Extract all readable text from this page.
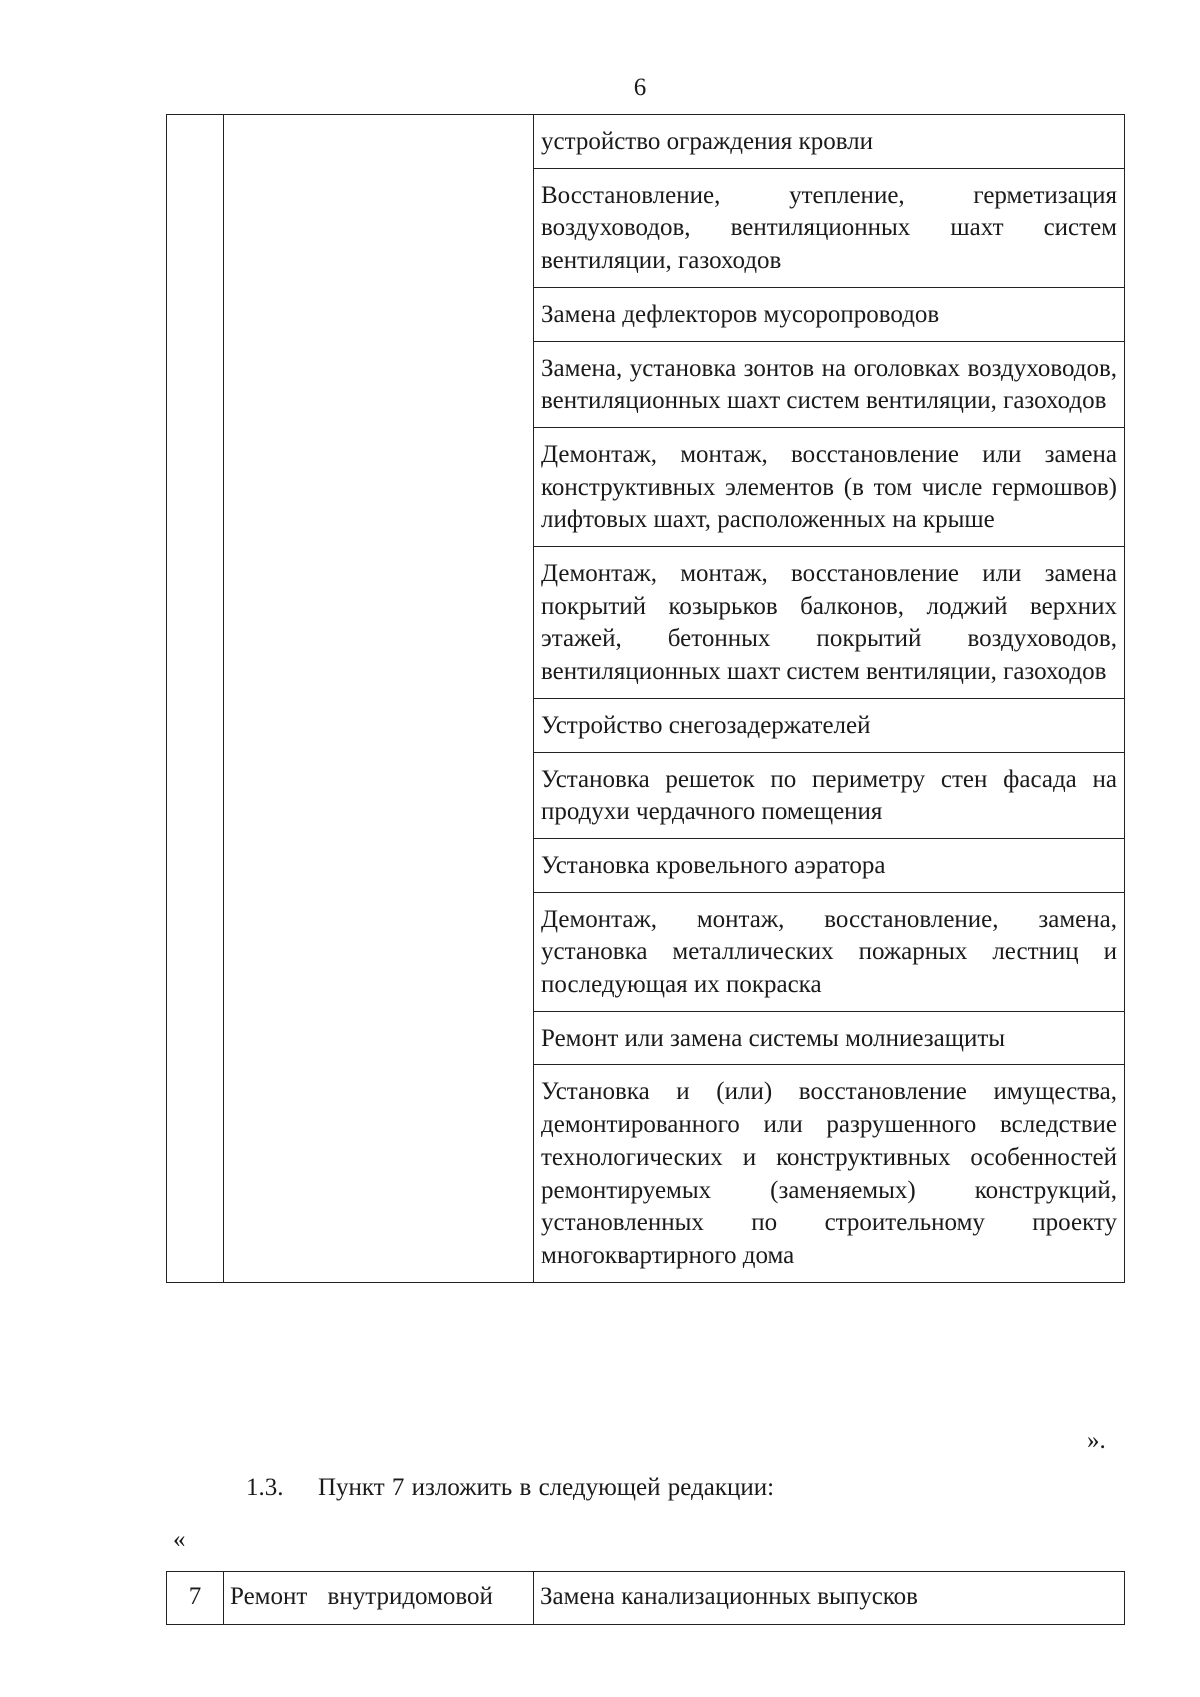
6
		устройство ограждения кровли
Восстановление, утепление, герметизация воздуховодов, вентиляционных шахт систем вентиляции, газоходов
Замена дефлекторов мусоропроводов
Замена, установка зонтов на оголовках воздуховодов, вентиляционных шахт систем вентиляции, газоходов
Демонтаж, монтаж, восстановление или замена конструктивных элементов (в том числе гермошвов) лифтовых шахт, расположенных на крыше
Демонтаж, монтаж, восстановление или замена покрытий козырьков балконов, лоджий верхних этажей, бетонных покрытий воздуховодов, вентиляционных шахт систем вентиляции, газоходов
Устройство снегозадержателей
Установка решеток по периметру стен фасада на продухи чердачного помещения
Установка кровельного аэратора
Демонтаж, монтаж, восстановление, замена, установка металлических пожарных лестниц и последующая их покраска
Ремонт или замена системы молниезащиты
Установка и (или) восстановление имущества, демонтированного или разрушенного вследствие технологических и конструктивных особенностей ремонтируемых (заменяемых) конструкций, установленных по строительному проекту многоквартирного дома
».
1.3. Пункт 7 изложить в следующей редакции:
«
7	Ремонт внутридомовой	Замена канализационных выпусков
